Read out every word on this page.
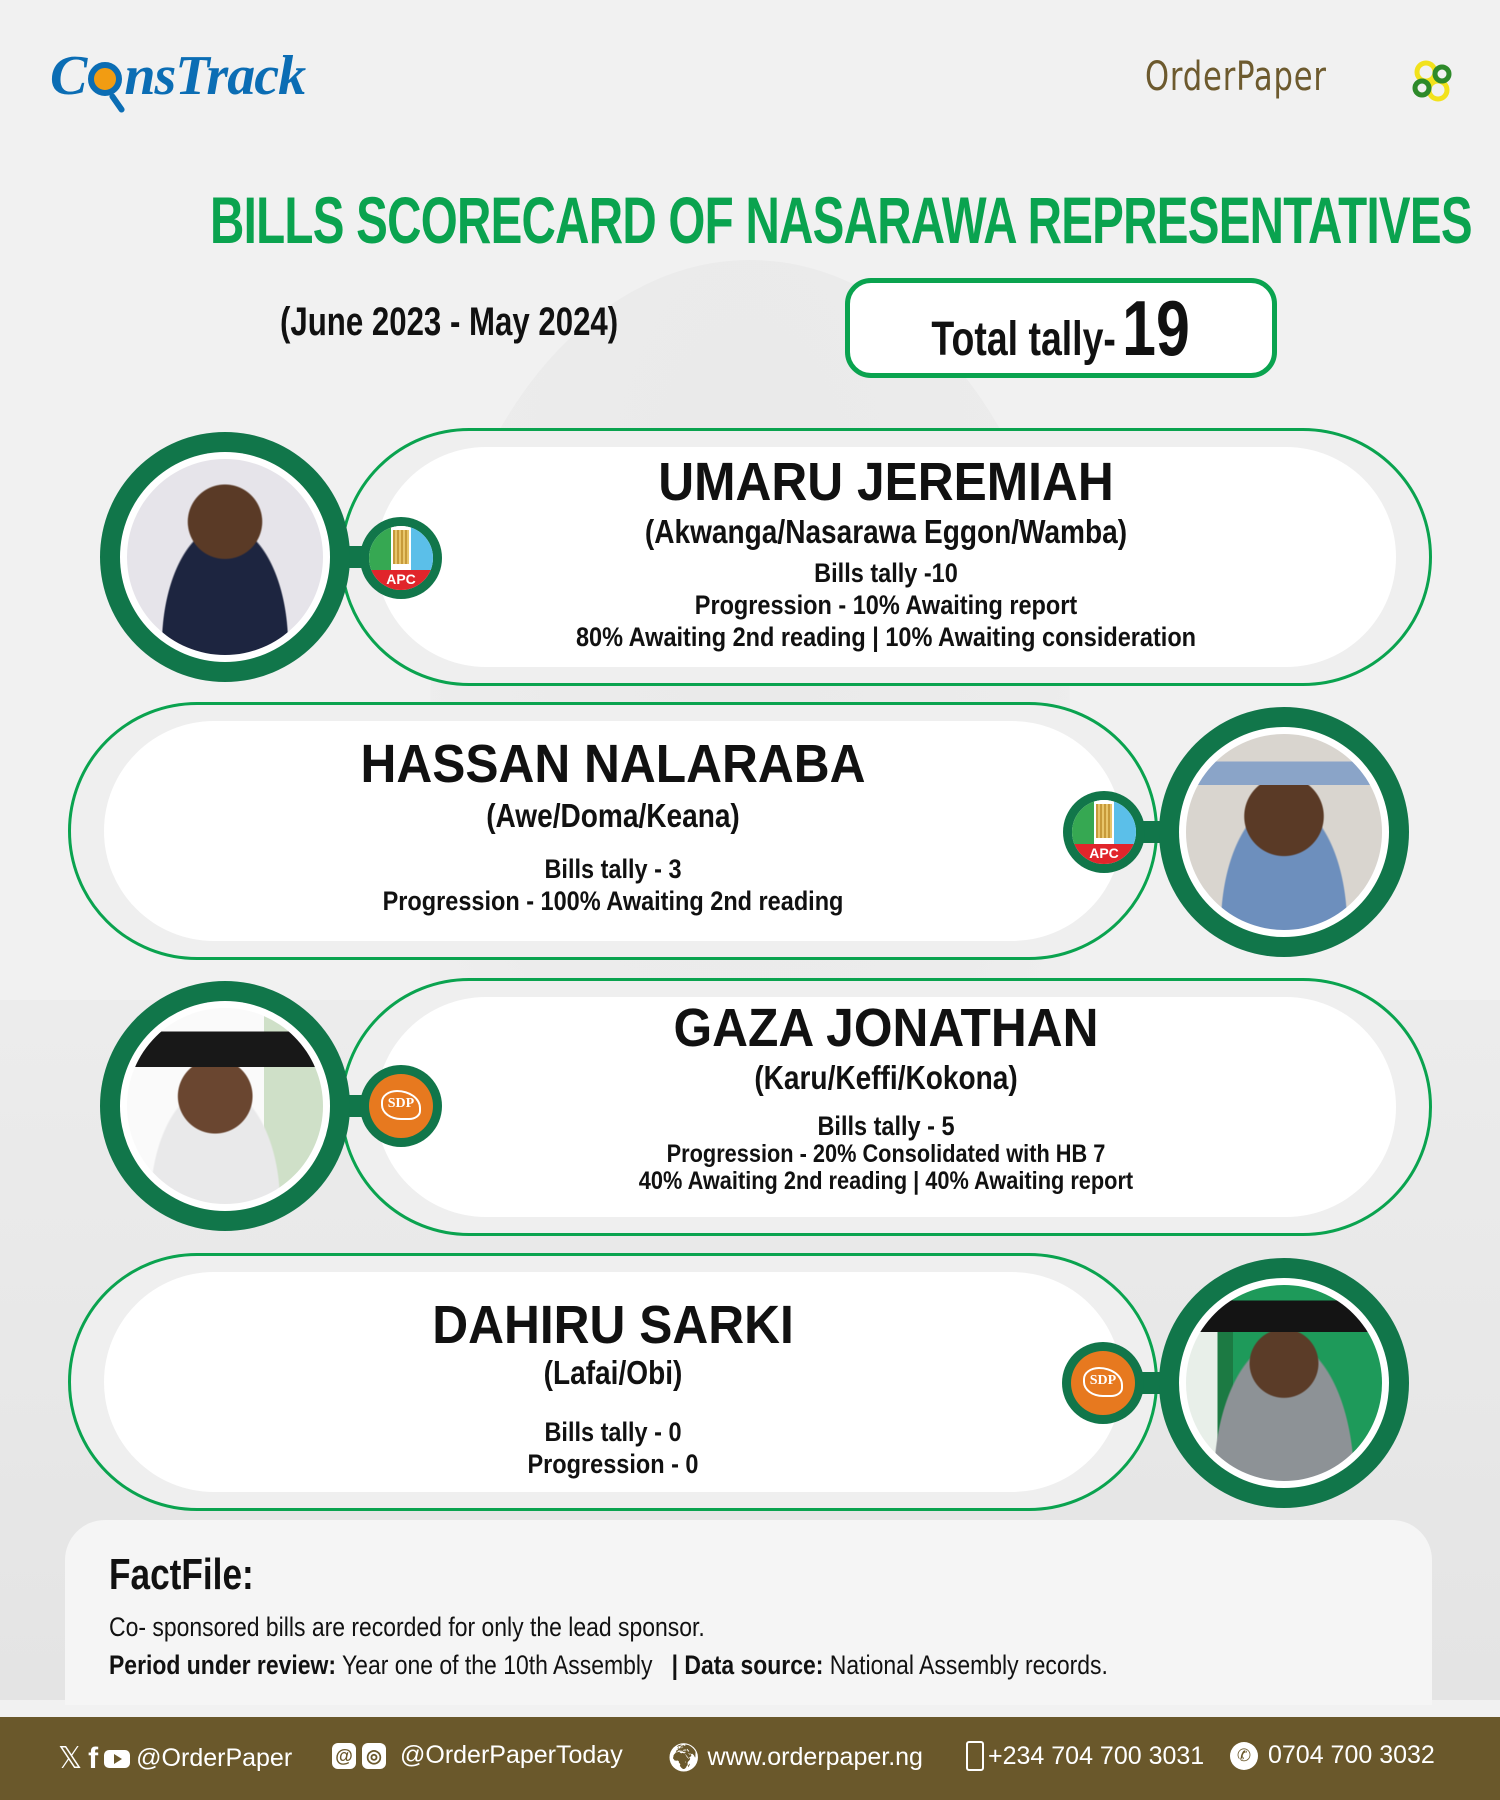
C nsTrack	OrderPaper
BILLS SCORECARD OF NASARAWA REPRESENTATIVES
(June 2023 - May 2024)	Total tally-19
UMARU JEREMIAH
(Akwanga/Nasarawa Eggon/Wamba)
Bills tally -10
Progression - 10% Awaiting report
80% Awaiting 2nd reading | 10% Awaiting consideration
APC
HASSAN NALARABA
(Awe/Doma/Keana)
Bills tally - 3
Progression - 100% Awaiting 2nd reading
APC
GAZA JONATHAN
(Karu/Keffi/Kokona)
Bills tally - 5
Progression - 20% Consolidated with HB 7
40% Awaiting 2nd reading | 40% Awaiting report
SDP
DAHIRU SARKI
(Lafai/Obi)
Bills tally - 0
Progression - 0
SDP
FactFile:
Co- sponsored bills are recorded for only the lead sponsor.
Period under review: Year one of the 10th Assembly   | Data source: National Assembly records.
𝕏 f @OrderPaper @ ◎ @OrderPaperToday 🌍︎ www.orderpaper.ng	+234 704 700 3031	✆ 0704 700 3032
